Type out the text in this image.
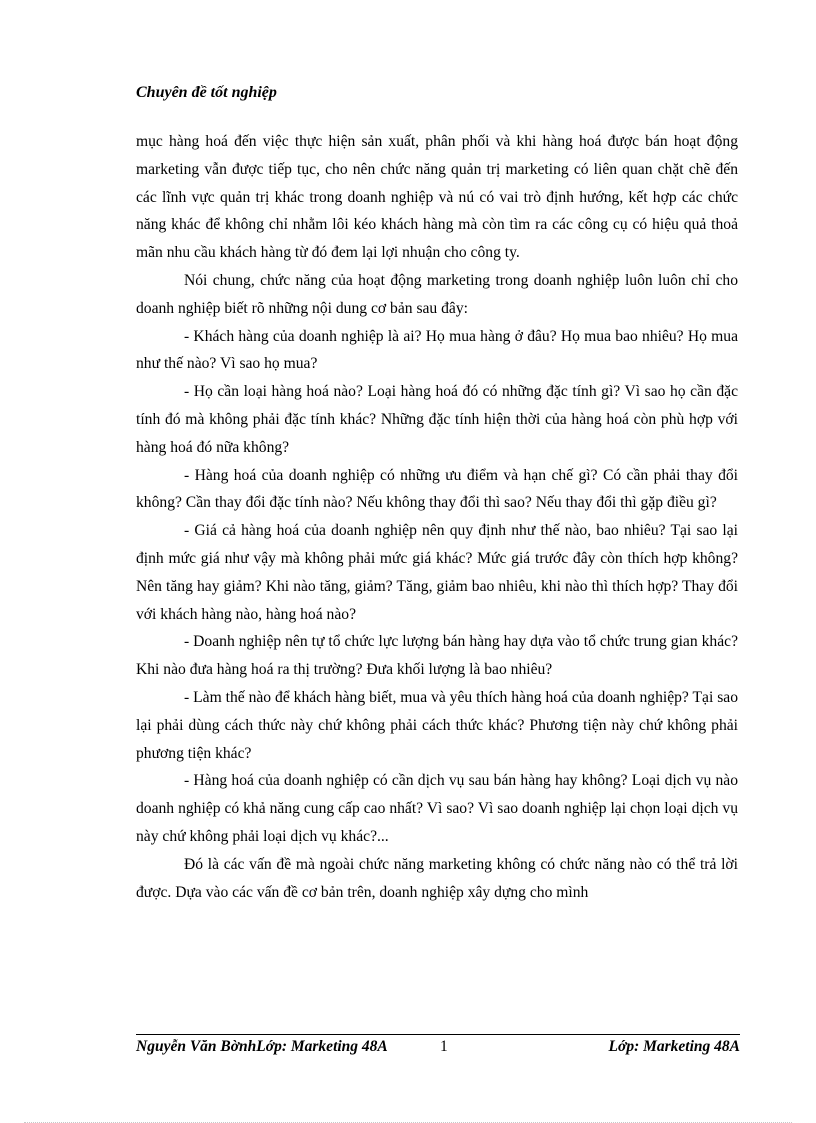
Chuyên đề tốt nghiệp

mục hàng hoá đến việc thực hiện sản xuất, phân phối và khi hàng hoá được bán hoạt động marketing vẫn được tiếp tục, cho nên chức năng quản trị marketing có liên quan chặt chẽ đến các lĩnh vực quản trị khác trong doanh nghiệp và nú có vai trò định hướng, kết hợp các chức năng khác để không chỉ nhằm lôi kéo khách hàng mà còn tìm ra các công cụ có hiệu quả thoả mãn nhu cầu khách hàng từ đó đem lại lợi nhuận cho công ty.

Nói chung, chức năng của hoạt động marketing trong doanh nghiệp luôn luôn chỉ cho doanh nghiệp biết rõ những nội dung cơ bản sau đây:

- Khách hàng của doanh nghiệp là ai? Họ mua hàng ở đâu? Họ mua bao nhiêu? Họ mua như thế nào? Vì sao họ mua?

- Họ cần loại hàng hoá nào? Loại hàng hoá đó có những đặc tính gì? Vì sao họ cần đặc tính đó mà không phải đặc tính khác? Những đặc tính hiện thời của hàng hoá còn phù hợp với hàng hoá đó nữa không?

- Hàng hoá của doanh nghiệp có những ưu điểm và hạn chế gì? Có cần phải thay đổi không? Cần thay đổi đặc tính nào? Nếu không thay đổi thì sao? Nếu thay đổi thì gặp điều gì?

- Giá cả hàng hoá của doanh nghiệp nên quy định như thế nào, bao nhiêu? Tại sao lại định mức giá như vậy mà không phải mức giá khác? Mức giá trước đây còn thích hợp không? Nên tăng hay giảm? Khi nào tăng, giảm? Tăng, giảm bao nhiêu, khi nào thì thích hợp? Thay đổi với khách hàng nào, hàng hoá nào?

- Doanh nghiệp nên tự tổ chức lực lượng bán hàng hay dựa vào tổ chức trung gian khác? Khi nào đưa hàng hoá ra thị trường? Đưa khối lượng là bao nhiêu?

- Làm thế nào để khách hàng biết, mua và yêu thích hàng hoá của doanh nghiệp? Tại sao lại phải dùng cách thức này chứ không phải cách thức khác? Phương tiện này chứ không phải phương tiện khác?

- Hàng hoá của doanh nghiệp có cần dịch vụ sau bán hàng hay không? Loại dịch vụ nào doanh nghiệp có khả năng cung cấp cao nhất? Vì sao? Vì sao doanh nghiệp lại chọn loại dịch vụ này chứ không phải loại dịch vụ khác?...

Đó là các vấn đề mà ngoài chức năng marketing không có chức năng nào có thể trả lời được. Dựa vào các vấn đề cơ bản trên, doanh nghiệp xây dựng cho mình

Nguyễn Văn BờnhLớp: Marketing 48A	1	Lớp: Marketing 48A
